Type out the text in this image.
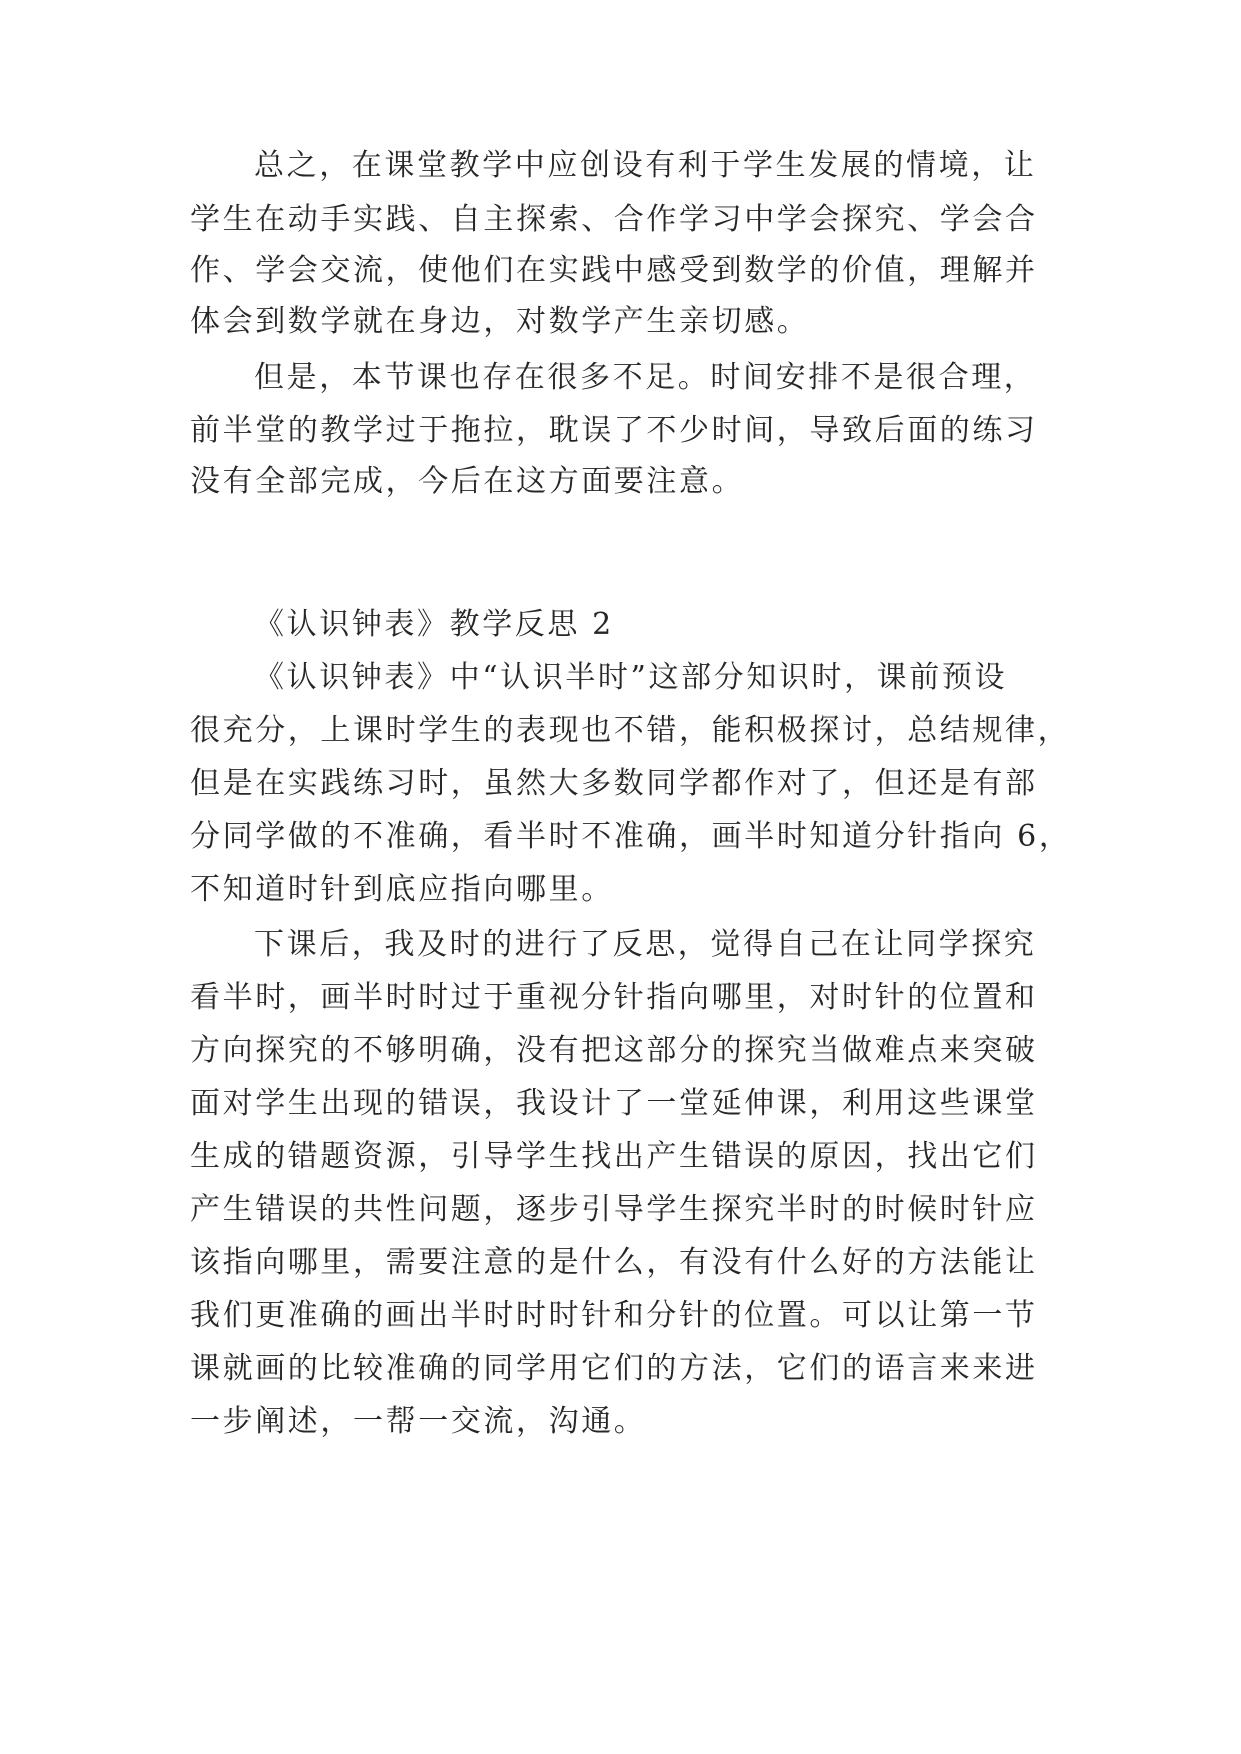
总之，在课堂教学中应创设有利于学生发展的情境，让
学生在动手实践、自主探索、合作学习中学会探究、学会合
作、学会交流，使他们在实践中感受到数学的价值，理解并
体会到数学就在身边，对数学产生亲切感。
但是，本节课也存在很多不足。时间安排不是很合理，
前半堂的教学过于拖拉，耽误了不少时间，导致后面的练习
没有全部完成，今后在这方面要注意。
《认识钟表》教学反思 2
《认识钟表》中“认识半时”这部分知识时，课前预设
很充分，上课时学生的表现也不错，能积极探讨，总结规律，
但是在实践练习时，虽然大多数同学都作对了，但还是有部
分同学做的不准确，看半时不准确，画半时知道分针指向 6，
不知道时针到底应指向哪里。
下课后，我及时的进行了反思，觉得自己在让同学探究
看半时，画半时时过于重视分针指向哪里，对时针的位置和
方向探究的不够明确，没有把这部分的探究当做难点来突破
面对学生出现的错误，我设计了一堂延伸课，利用这些课堂
生成的错题资源，引导学生找出产生错误的原因，找出它们
产生错误的共性问题，逐步引导学生探究半时的时候时针应
该指向哪里，需要注意的是什么，有没有什么好的方法能让
我们更准确的画出半时时时针和分针的位置。可以让第一节
课就画的比较准确的同学用它们的方法，它们的语言来来进
一步阐述，一帮一交流，沟通。
